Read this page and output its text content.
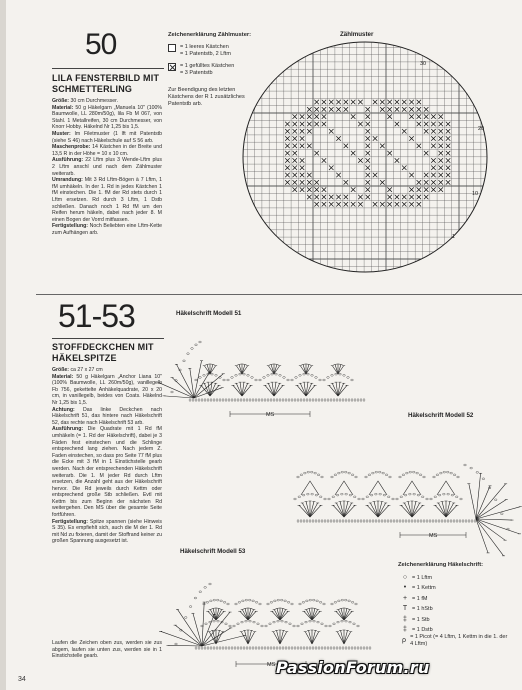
50
LILA FENSTERBILD MIT
SCHMETTERLING

Größe: 30 cm Durchmesser.

Material: 50 g Häkelgarn „Manuela 10" (100% Baumwolle, LL 280m/50g), lila Fb M 067, von Stahl. 1 Metallreifen, 30 cm Durchmesser, von Knorr Hobby. Häkelnd Nr 1,25 bis 1,5.

Muster: Im Filetmuster (1 lft mit Patentstb (siehe S 46) nach Häkelschule auf S 56 arb.

Maschenprobe: 14 Kästchen in der Breite und 13,5 R in der Höhe = 10 x 10 cm.

Ausführung: 22 Lftm plus 3 Wende-Lftm plus 2 Lftm anschl und nach dem Zählmuster weiterarb.

Umrandung: Mit 3 Rd Lftm-Bögen à 7 Lftm, 1 fM umhäkeln. In der 1. Rd in jedes Kästchen 1 fM einstechen. Die 1. fM der Rd stets durch 1 Lftm ersetzen. Rd durch 3 Lftm, 1 Dstb schließen. Danach noch 1 Rd fM um den Reifen herum häkeln, dabei nach jeder 8. M einen Bogen der Vorrd mitfassen.

Fertigstellung: Noch Beliebten eine Lftm-Kette zum Aufhängen arb.

Zeichenerklärung Zählmuster:
= 1 leeres Kästchen
= 1 Patentstb, 2 Lftm
= 1 gefülltes Kästchen
= 3 Patentstb
Zur Beendigung des letzten Kästchens der R 1 zusätzliches Patentstb arb.
Zählmuster
30
20
10
1
51-53
STOFFDECKCHEN MIT
HÄKELSPITZE

Größe: ca 27 x 27 cm

Material: 50 g Häkelgarn „Anchor Liana 10" (100% Baumwolle, LL 260m/50g), vanillegelb Fb 756, gekettelte Anhäkelquadrate, 20 x 20 cm, in vanillegelb, beides von Coats. Häkelnd Nr 1,25 bis 1,5.

Achtung: Das linke Deckchen nach Häkelschrift 51, das hintere nach Häkelschrift 52, das rechte nach Häkelschrift 53 arb.

Ausführung: Die Quadrate mit 1 Rd fM umhäkeln (= 1. Rd der Häkelschrift), dabei je 3 Fäden fest einstechen und die Schlinge entsprechend lang ziehen. Nach jedem Z. Faden einstechen, so dass pro Seite 77 fM plus die Ecke mit 3 fM in 1 Einstichstelle gearb werden. Nach der entsprechenden Häkelschrift weiterarb. Die 1. M jeder Rd durch Lftm ersetzen, die Anzahl geht aus der Häkelschrift hervor. Die Rd jeweils durch Kettm oder entsprechend große Stb schließen. Evtl mit Kettm bis zum Beginn der nächsten Rd weitergehen. Den MS über die gesamte Seite fortführen.

Fertigstellung: Spitze spannen (siehe Hinweis S 35). Es empfiehlt sich, auch die M der 1. Rd mit Nd zu fixieren, damit der Stoffrand keiner zu großen Spannung ausgesetzt ist.

Laufen die Zeichen oben zus, werden sie zus abgem, laufen sie unten zus, werden sie in 1 Einstichstelle gearb.
Häkelschrift Modell 51
Häkelschrift Modell 52
Häkelschrift Modell 53
MS
MS
MS
Zeichenerklärung Häkelschrift:
○ = 1 Lftm
•	= 1 Kettm
+ = 1 fM
T = 1 hStb
‡ = 1 Stb
‡ = 1 Dstb
ρ = 1 Picot (= 4 Lftm, 1 Kettm in die 1. der 4 Lftm)
34
PassionForum.ru
